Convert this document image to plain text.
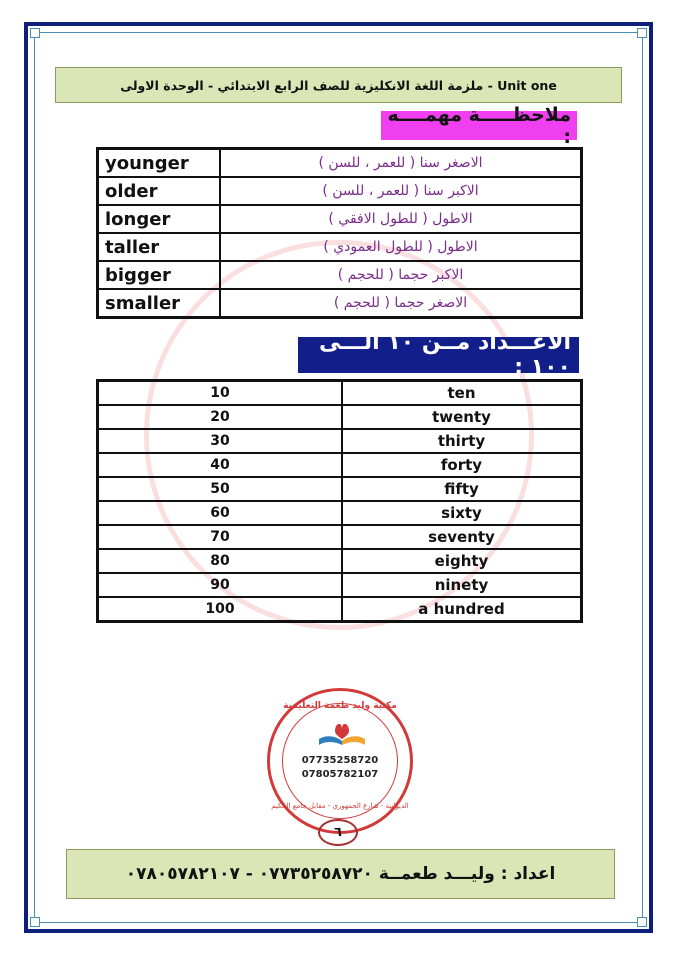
Unit one - ملزمة اللغة الانكليزية للصف الرابع الابتدائي - الوحدة الاولى
ملاحظـــــة مهمــــه :
younger	الاصغر سنا ( للعمر ، للسن )
older	الاكبر سنا ( للعمر ، للسن )
longer	الاطول ( للطول الافقي )
taller	الاطول ( للطول العمودي )
bigger	الاكبر حجما ( للحجم )
smaller	الاصغر حجما ( للحجم )
الاعـــداد مــن ١٠ الـــى ١٠٠ :
10	ten
20	twenty
30	thirty
40	forty
50	fifty
60	sixty
70	seventy
80	eighty
90	ninety
100	a hundred
مكتبة وليد طعمة التعليمية
07735258720
07805782107
الديوانية - شارع الجمهوري - مقابل جامع الحكيم
٦
اعداد : وليـــد طعمــة ٠٧٧٣٥٢٥٨٧٢٠ - ٠٧٨٠٥٧٨٢١٠٧
